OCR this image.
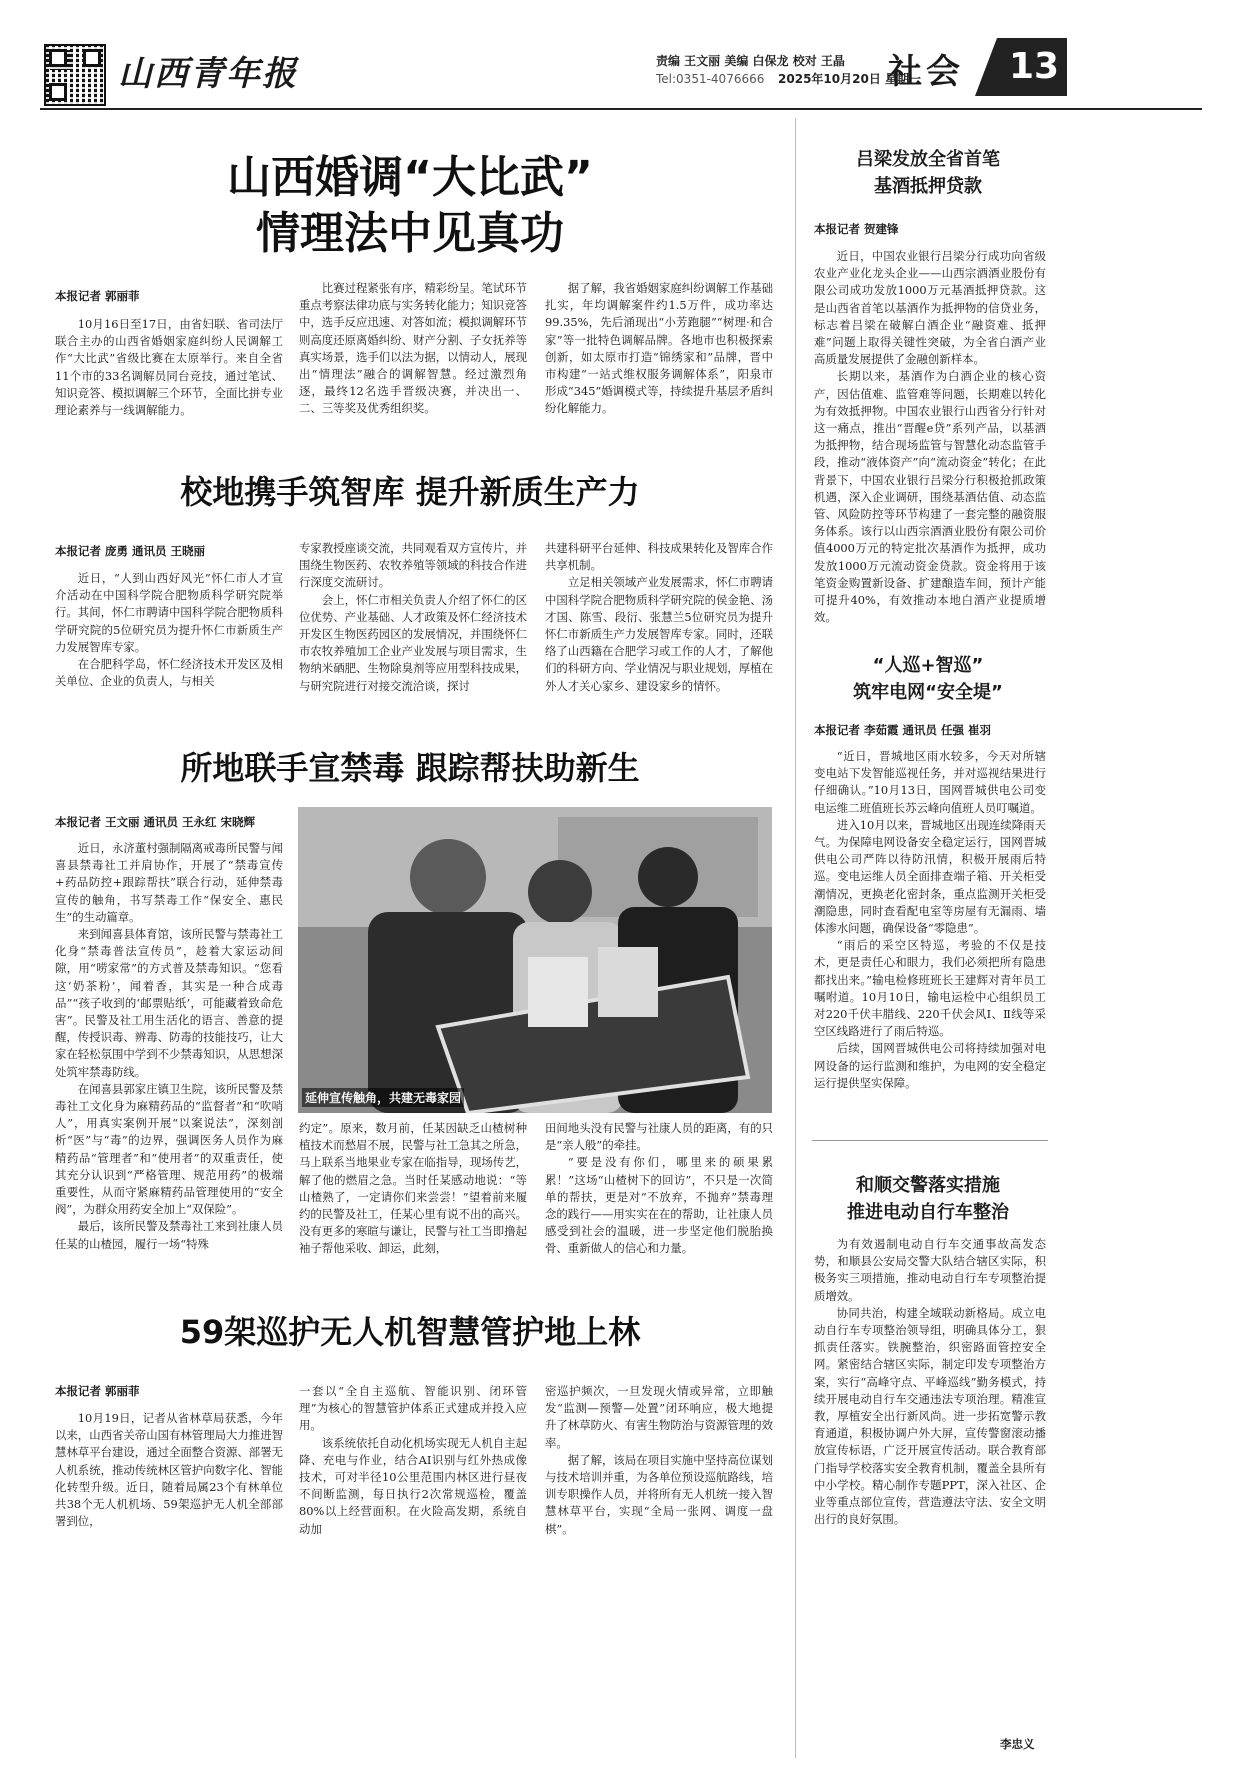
山西青年报	责编 王文丽 美编 白保龙 校对 王晶
Tel:0351-4076666 2025年10月20日 星期一
社会 13
山西婚调“大比武”
情理法中见真功
本报记者 郭丽菲

10月16日至17日，由省妇联、省司法厅联合主办的山西省婚姻家庭纠纷人民调解工作“大比武”省级比赛在太原举行。来自全省11个市的33名调解员同台竞技，通过笔试、知识竞答、模拟调解三个环节，全面比拼专业理论素养与一线调解能力。

比赛过程紧张有序，精彩纷呈。笔试环节重点考察法律功底与实务转化能力；知识竞答中，选手反应迅速、对答如流；模拟调解环节则高度还原离婚纠纷、财产分割、子女抚养等真实场景，选手们以法为据，以情动人，展现出“情理法”融合的调解智慧。经过激烈角逐，最终12名选手晋级决赛，并决出一、二、三等奖及优秀组织奖。

据了解，我省婚姻家庭纠纷调解工作基础扎实，年均调解案件约1.5万件，成功率达99.35%，先后涌现出“小芳跑腿”“树理·和合家”等一批特色调解品牌。各地市也积极探索创新，如太原市打造“锦绣家和”品牌，晋中市构建“一站式维权服务调解体系”，阳泉市形成“345”婚调模式等，持续提升基层矛盾纠纷化解能力。

校地携手筑智库 提升新质生产力
本报记者 庞勇 通讯员 王晓丽

近日，“人到山西好风光”怀仁市人才宣介活动在中国科学院合肥物质科学研究院举行。其间，怀仁市聘请中国科学院合肥物质科学研究院的5位研究员为提升怀仁市新质生产力发展智库专家。

在合肥科学岛，怀仁经济技术开发区及相关单位、企业的负责人，与相关

专家教授座谈交流，共同观看双方宣传片，并围绕生物医药、农牧养殖等领域的科技合作进行深度交流研讨。

会上，怀仁市相关负责人介绍了怀仁的区位优势、产业基础、人才政策及怀仁经济技术开发区生物医药园区的发展情况，并围绕怀仁市农牧养殖加工企业产业发展与项目需求，生物纳米硒肥、生物除臭剂等应用型科技成果，与研究院进行对接交流洽谈，探讨

共建科研平台延伸、科技成果转化及智库合作共享机制。

立足相关领域产业发展需求，怀仁市聘请中国科学院合肥物质科学研究院的侯金艳、汤才国、陈雪、段衍、张慧兰5位研究员为提升怀仁市新质生产力发展智库专家。同时，还联络了山西籍在合肥学习或工作的人才，了解他们的科研方向、学业情况与职业规划，厚植在外人才关心家乡、建设家乡的情怀。

所地联手宣禁毒 跟踪帮扶助新生
本报记者 王文丽 通讯员 王永红 宋晓辉

近日，永济董村强制隔离戒毒所民警与闻喜县禁毒社工并肩协作，开展了“禁毒宣传+药品防控+跟踪帮扶”联合行动，延伸禁毒宣传的触角，书写禁毒工作“保安全、惠民生”的生动篇章。

来到闻喜县体育馆，该所民警与禁毒社工化身“禁毒普法宣传员”，趁着大家运动间隙，用“唠家常”的方式普及禁毒知识。“您看这‘奶茶粉’，闻着香，其实是一种合成毒品”“孩子收到的‘邮票贴纸’，可能藏着致命危害”。民警及社工用生活化的语言、善意的提醒，传授识毒、辨毒、防毒的技能技巧，让大家在轻松氛围中学到不少禁毒知识，从思想深处筑牢禁毒防线。

在闻喜县郭家庄镇卫生院，该所民警及禁毒社工文化身为麻精药品的“监督者”和“吹哨人”，用真实案例开展“以案说法”，深刻剖析“医”与“毒”的边界，强调医务人员作为麻精药品“管理者”和“使用者”的双重责任，使其充分认识到“严格管理、规范用药”的极端重要性，从而守紧麻精药品管理使用的“安全阀”，为群众用药安全加上“双保险”。

最后，该所民警及禁毒社工来到社康人员任某的山楂园，履行一场“特殊

延伸宣传触角，共建无毒家园

约定”。原来，数月前，任某因缺乏山楂树种植技术而愁眉不展，民警与社工急其之所急，马上联系当地果业专家在临指导，现场传艺，解了他的燃眉之急。当时任某感动地说：“等山楂熟了，一定请你们来尝尝！”望着前来履约的民警及社工，任某心里有说不出的高兴。没有更多的寒暄与谦让，民警与社工当即撸起袖子帮他采收、卸运，此刻，

田间地头没有民警与社康人员的距离，有的只是“亲人般”的牵挂。

“要是没有你们，哪里来的硕果累累！”这场“山楂树下的回访”，不只是一次简单的帮扶，更是对“不放弃，不抛弃”禁毒理念的践行——用实实在在的帮助，让社康人员感受到社会的温暖，进一步坚定他们脱胎换骨、重新做人的信心和力量。

59架巡护无人机智慧管护地上林
本报记者 郭丽菲

10月19日，记者从省林草局获悉，今年以来，山西省关帝山国有林管理局大力推进智慧林草平台建设，通过全面整合资源、部署无人机系统，推动传统林区管护向数字化、智能化转型升级。近日，随着局属23个有林单位共38个无人机机场、59架巡护无人机全部部署到位，

一套以“全自主巡航、智能识别、闭环管理”为核心的智慧管护体系正式建成并投入应用。

该系统依托自动化机场实现无人机自主起降、充电与作业，结合AI识别与红外热成像技术，可对半径10公里范围内林区进行昼夜不间断监测，每日执行2次常规巡检，覆盖80%以上经营面积。在火险高发期，系统自动加

密巡护频次，一旦发现火情或异常，立即触发“监测—预警—处置”闭环响应，极大地提升了林草防火、有害生物防治与资源管理的效率。

据了解，该局在项目实施中坚持高位谋划与技术培训并重，为各单位预设巡航路线，培训专职操作人员，并将所有无人机统一接入智慧林草平台，实现“全局一张网、调度一盘棋”。

吕梁发放全省首笔
基酒抵押贷款
本报记者 贺建锋

近日，中国农业银行吕梁分行成功向省级农业产业化龙头企业——山西宗酒酒业股份有限公司成功发放1000万元基酒抵押贷款。这是山西省首笔以基酒作为抵押物的信贷业务，标志着吕梁在破解白酒企业“融资难、抵押难”问题上取得关键性突破，为全省白酒产业高质量发展提供了金融创新样本。

长期以来，基酒作为白酒企业的核心资产，因估值难、监管难等问题，长期难以转化为有效抵押物。中国农业银行山西省分行针对这一痛点，推出“晋醒e贷”系列产品，以基酒为抵押物，结合现场监管与智慧化动态监管手段，推动“液体资产”向“流动资金”转化；在此背景下，中国农业银行吕梁分行积极抢抓政策机遇，深入企业调研，围绕基酒估值、动态监管、风险防控等环节构建了一套完整的融资服务体系。该行以山西宗酒酒业股份有限公司价值4000万元的特定批次基酒作为抵押，成功发放1000万元流动资金贷款。资金将用于该笔资金购置新设备、扩建酿造车间，预计产能可提升40%，有效推动本地白酒产业提质增效。

“人巡+智巡”
筑牢电网“安全堤”
本报记者 李茹霞 通讯员 任强 崔羽

“近日，晋城地区雨水较多，今天对所辖变电站下发智能巡视任务，并对巡视结果进行仔细确认。”10月13日，国网晋城供电公司变电运维二班值班长苏云峰向值班人员叮嘱道。

进入10月以来，晋城地区出现连续降雨天气。为保障电网设备安全稳定运行，国网晋城供电公司严阵以待防汛情，积极开展雨后特巡。变电运维人员全面排查端子箱、开关柜受潮情况，更换老化密封条，重点监测开关柜受潮隐患，同时查看配电室等房屋有无漏雨、墙体渗水问题，确保设备“零隐患”。

“雨后的采空区特巡，考验的不仅是技术，更是责任心和眼力，我们必须把所有隐患都找出来。”输电检修班班长王建辉对青年员工嘱咐道。10月10日，输电运检中心组织员工对220千伏丰腊线、220千伏会风Ⅰ、Ⅱ线等采空区线路进行了雨后特巡。

后续，国网晋城供电公司将持续加强对电网设备的运行监测和维护，为电网的安全稳定运行提供坚实保障。

和顺交警落实措施
推进电动自行车整治

为有效遏制电动自行车交通事故高发态势，和顺县公安局交警大队结合辖区实际，积极务实三项措施，推动电动自行车专项整治提质增效。

协同共治，构建全域联动新格局。成立电动自行车专项整治领导组，明确具体分工，狠抓责任落实。铁腕整治，织密路面管控安全网。紧密结合辖区实际，制定印发专项整治方案，实行“高峰守点、平峰巡线”勤务模式，持续开展电动自行车交通违法专项治理。精准宣教，厚植安全出行新风尚。进一步拓宽警示教育通道，积极协调户外大屏，宣传警窗滚动播放宣传标语，广泛开展宣传活动。联合教育部门指导学校落实安全教育机制，覆盖全县所有中小学校。精心制作专题PPT，深入社区、企业等重点部位宣传，营造遵法守法、安全文明出行的良好氛围。

李忠义
